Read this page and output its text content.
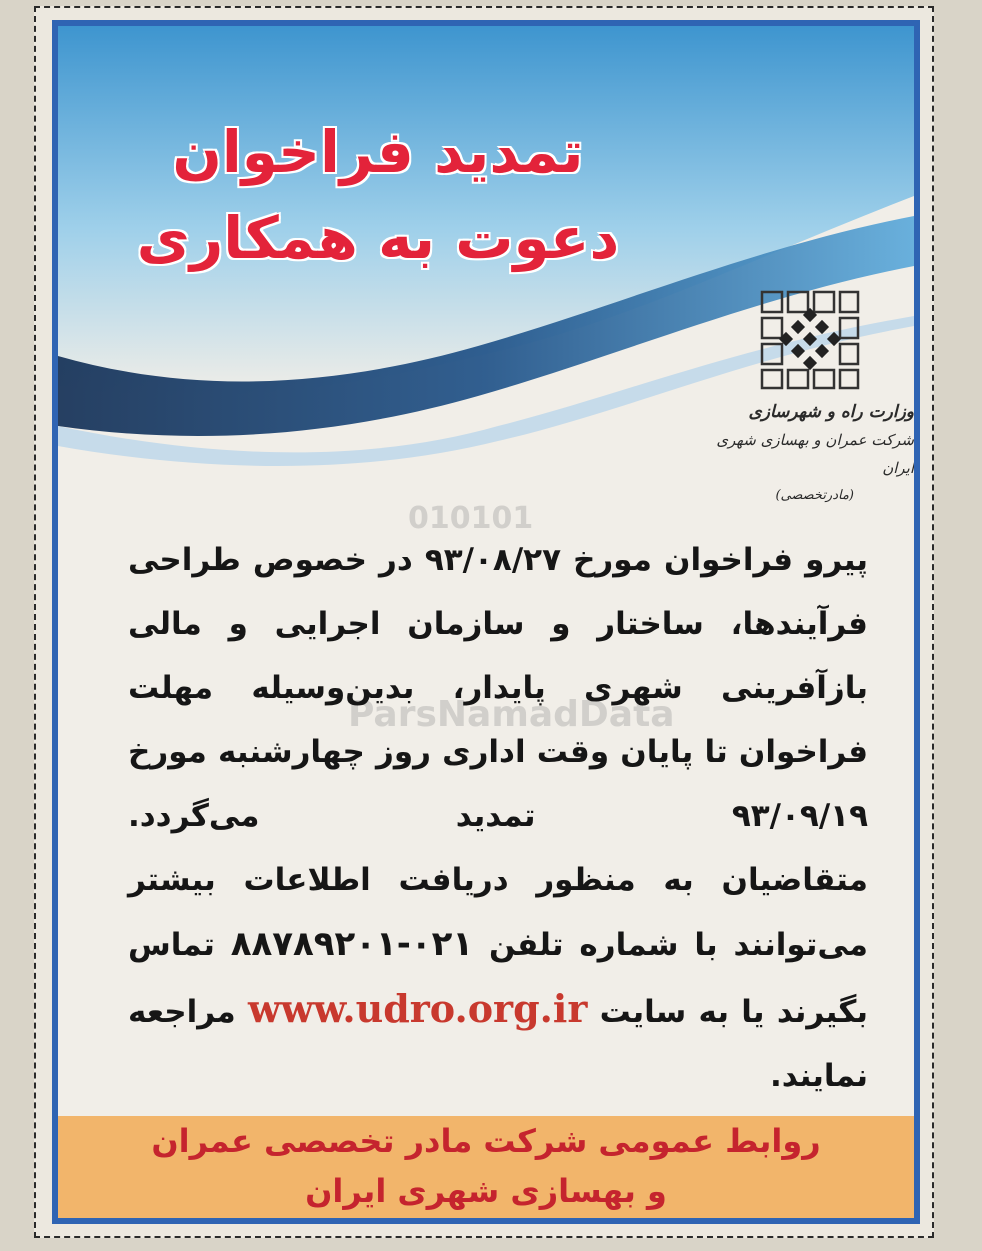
تمدید فراخوان
دعوت به همکاری
وزارت راه و شهرسازی
شرکت عمران و بهسازی شهری ایران
(مادرتخصصی)
010101
ParsNamadData

پیرو فراخوان مورخ ۹۳/۰۸/۲۷ در خصوص طراحی فرآیندها، ساختار و سازمان اجرایی و مالی بازآفرینی شهری پایدار، بدین‌وسیله مهلت فراخوان تا پایان وقت اداری روز چهارشنبه مورخ ۹۳/۰۹/۱۹ تمدید می‌گردد.

متقاضیان به منظور دریافت اطلاعات بیشتر می‌توانند با شماره تلفن ۰۲۱-۸۸۷۸۹۲۰۱ تماس بگیرند یا به سایت www.udro.org.ir مراجعه نمایند.

روابط عمومی شرکت مادر تخصصی عمران
و بهسازی شهری ایران
